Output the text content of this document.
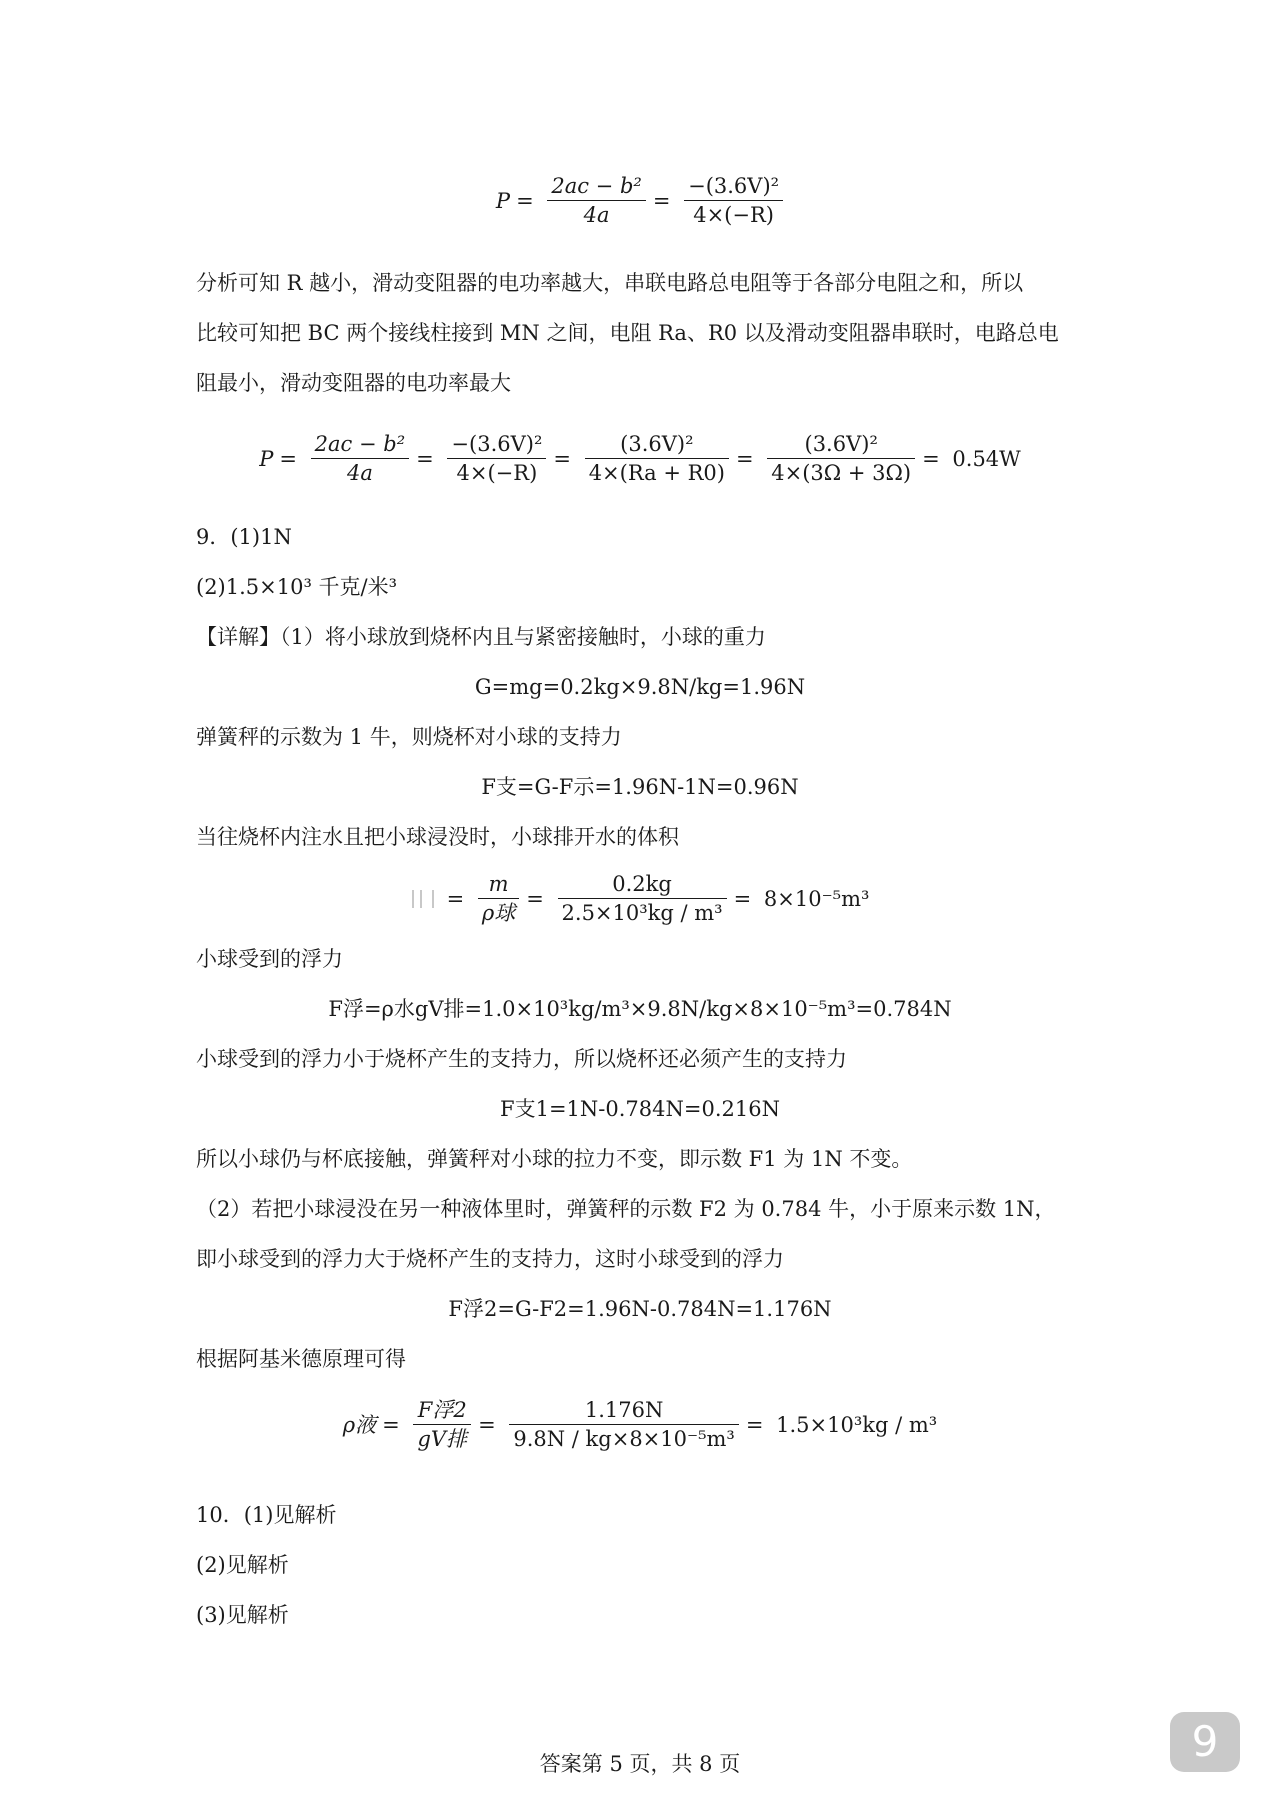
$P = \frac{\text{2ac − b²}}{4a} = \frac{\text{−(3.6V)²}}{4\times(-R)}$
分析可知 R 越小，滑动变阻器的电功率越大，串联电路总电阻等于各部分电阻之和，所以
比较可知把 BC 两个接线柱接到 MN 之间，电阻 Ra、R0 以及滑动变阻器串联时，电路总电
阻最小，滑动变阻器的电功率最大
$P = \frac{\text{2ac − b²}}{4a} = \frac{\text{−(3.6V)²}}{4\times(-R)} = \frac{\text{(3.6V)²}}{4\times(Ra + R0)} = \frac{\text{(3.6V)²}}{4\times(3\Omega + 3\Omega)} = 0.54W$
9．(1)1N
(2)1.5×10³ 千克/米³
【详解】（1）将小球放到烧杯内且与紧密接触时，小球的重力
G=mg=0.2kg×9.8N/kg=1.96N
弹簧秤的示数为 1 牛，则烧杯对小球的支持力
F支=G-F示=1.96N-1N=0.96N
当往烧杯内注水且把小球浸没时，小球排开水的体积
= $\frac{m}{\text{ρ球}} = \frac{0.2kg}{\text{2.5×10³kg / m³}} = 8\times 10^{-5}m^3$
小球受到的浮力
F浮=ρ水gV排=1.0×10³kg/m³×9.8N/kg×8×10⁻⁵m³=0.784N
小球受到的浮力小于烧杯产生的支持力，所以烧杯还必须产生的支持力
F支1=1N-0.784N=0.216N
所以小球仍与杯底接触，弹簧秤对小球的拉力不变，即示数 F1 为 1N 不变。
（2）若把小球浸没在另一种液体里时，弹簧秤的示数 F2 为 0.784 牛，小于原来示数 1N，
即小球受到的浮力大于烧杯产生的支持力，这时小球受到的浮力
F浮2=G-F2=1.96N-0.784N=1.176N
根据阿基米德原理可得
ρ液 = $\frac{\text{F浮2}}{\text{gV排}} = \frac{1.176N}{\text{9.8N / kg×8×10⁻⁵m³}} = 1.5\times 10^3kg / m^3$
10．(1)见解析
(2)见解析
(3)见解析
答案第 5 页，共 8 页	9
